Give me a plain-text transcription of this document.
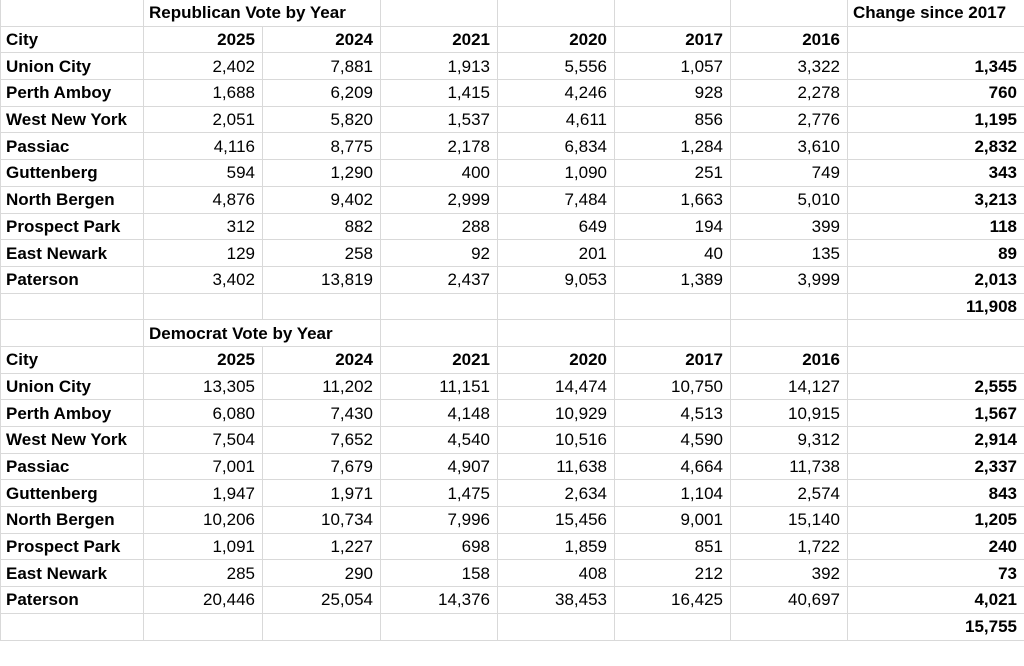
	Republican Vote by Year						Change since 2017
City	2025	2024	2021	2020	2017	2016	
Union City	2,402	7,881	1,913	5,556	1,057	3,322	1,345
Perth Amboy	1,688	6,209	1,415	4,246	928	2,278	760
West New York	2,051	5,820	1,537	4,611	856	2,776	1,195
Passiac	4,116	8,775	2,178	6,834	1,284	3,610	2,832
Guttenberg	594	1,290	400	1,090	251	749	343
North Bergen	4,876	9,402	2,999	7,484	1,663	5,010	3,213
Prospect Park	312	882	288	649	194	399	118
East Newark	129	258	92	201	40	135	89
Paterson	3,402	13,819	2,437	9,053	1,389	3,999	2,013
							11,908
	Democrat Vote by Year						
City	2025	2024	2021	2020	2017	2016	
Union City	13,305	11,202	11,151	14,474	10,750	14,127	2,555
Perth Amboy	6,080	7,430	4,148	10,929	4,513	10,915	1,567
West New York	7,504	7,652	4,540	10,516	4,590	9,312	2,914
Passiac	7,001	7,679	4,907	11,638	4,664	11,738	2,337
Guttenberg	1,947	1,971	1,475	2,634	1,104	2,574	843
North Bergen	10,206	10,734	7,996	15,456	9,001	15,140	1,205
Prospect Park	1,091	1,227	698	1,859	851	1,722	240
East Newark	285	290	158	408	212	392	73
Paterson	20,446	25,054	14,376	38,453	16,425	40,697	4,021
							15,755
